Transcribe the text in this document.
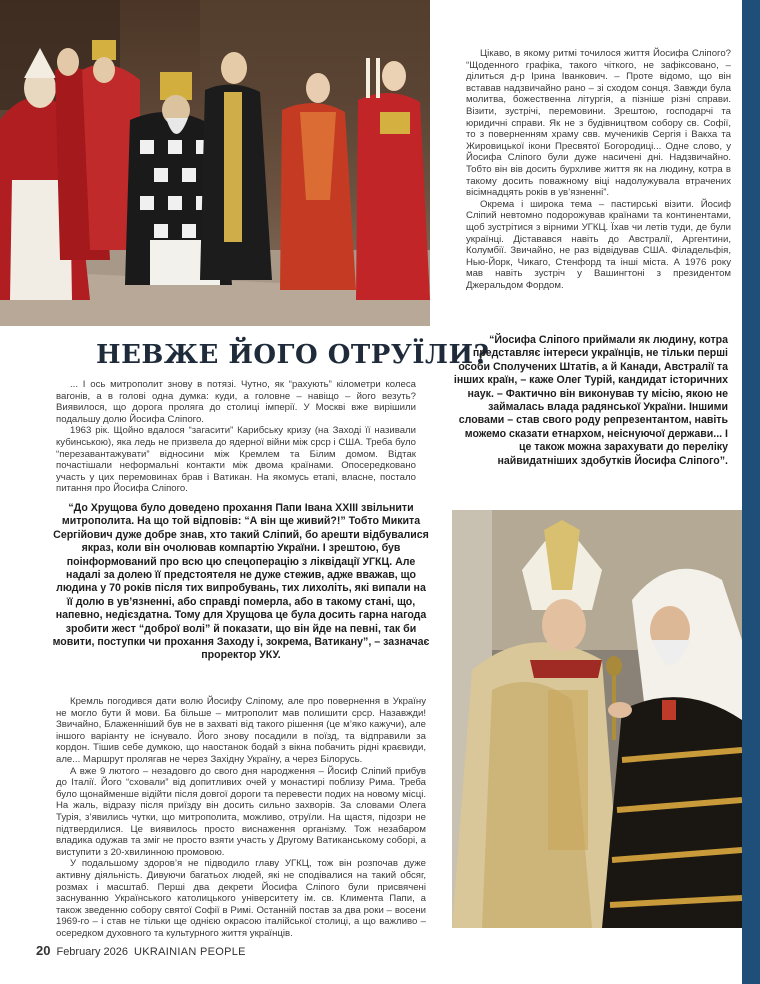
НЕВЖЕ ЙОГО ОТРУЇЛИ?

Цікаво, в якому ритмі точилося життя Йосифа Сліпого? “Щоденного графіка, такого чіткого, не зафіксовано, – ділиться д-р Ірина Іванкович. – Проте відомо, що він вставав надзвичайно рано – зі сходом сонця. Завжди була молитва, божественна літургія, а пізніше різні справи. Візити, зустрічі, перемовини. Зрештою, господарчі та юридичні справи. Як не з будівництвом собору св. Софії, то з поверненням храму свв. мучеників Сергія і Вакха та Жировицької ікони Пресвятої Богородиці... Одне слово, у Йосифа Сліпого були дуже насичені дні. Надзвичайно. Тобто він вів досить бурхливе життя як на людину, котра в такому досить поважному віці надолужувала втрачених вісімнадцять років в ув’язненні”.

Окрема і широка тема – пастирські візити. Йосиф Сліпий невтомно подорожував країнами та континентами, щоб зустрітися з вірними УГКЦ. Їхав чи летів туди, де були українці. Діставався навіть до Австралії, Аргентини, Колумбії. Звичайно, не раз відвідував США. Філадельфія, Нью-Йорк, Чикаго, Стенфорд та інші міста. А 1976 року мав навіть зустріч у Вашингтоні з президентом Джеральдом Фордом.

“Йосифа Сліпого приймали як людину, котра представляє інтереси українців, не тільки перші особи Сполучених Штатів, а й Канади, Австралії та інших країн, – каже Олег Турій, кандидат історичних наук. – Фактично він виконував ту місію, якою не займалась влада радянської України. Іншими словами – став свого роду репрезентантом, навіть можемо сказати етнархом, неіснуючої держави... І це також можна зарахувати до переліку найвидатніших здобутків Йосифа Сліпого”.

... І ось митрополит знову в потязі. Чутно, як “рахують” кілометри колеса вагонів, а в голові одна думка: куди, а головне – навіщо – його везуть? Виявилося, що дорога проляга до столиці імперії. У Москві вже вирішили подальшу долю Йосифа Сліпого.

1963 рік. Щойно вдалося “загасити” Карибську кризу (на Заході її називали кубинською), яка ледь не призвела до ядерної війни між срср і США. Треба було “перезавантажувати” відносини між Кремлем та Білим домом. Відтак почастішали неформальні контакти між двома країнами. Опосередковано участь у цих перемовинах брав і Ватикан. На якомусь етапі, власне, постало питання про Йосифа Сліпого.

“До Хрущова було доведено прохання Папи Івана XXIII звільнити митрополита. На що той відповів: “А він ще живий?!” Тобто Микита Сергійович дуже добре знав, хто такий Сліпий, бо арешти відбувалися якраз, коли він очолював компартію України. І зрештою, був поінформований про всю цю спецоперацію з ліквідації УГКЦ. Але надалі за долею її предстоятеля не дуже стежив, адже вважав, що людина у 70 років після тих випробувань, тих лихоліть, які випали на її долю в ув’язненні, або справді померла, або в такому стані, що, напевно, недієздатна. Тому для Хрущова це була досить гарна нагода зробити жест “доброї волі” й показати, що він йде на певні, так би мовити, поступки чи прохання Заходу і, зокрема, Ватикану”, – зазначає проректор УКУ.

Кремль погодився дати волю Йосифу Сліпому, але про повернення в Україну не могло бути й мови. Ба більше – митрополит мав полишити срср. Назавжди! Звичайно, Блаженніший був не в захваті від такого рішення (це м’яко кажучи), але іншого варіанту не існувало. Його знову посадили в поїзд, та відправили за кордон. Тішив себе думкою, що наостанок бодай з вікна побачить рідні краєвиди, але... Маршрут пролягав не через Західну Україну, а через Білорусь.

А вже 9 лютого – незадовго до свого дня народження – Йосиф Сліпий прибув до Італії. Його “сховали” від допитливих очей у монастирі поблизу Рима. Треба було щонайменше відійти після довгої дороги та перевести подих на новому місці. На жаль, відразу після приїзду він досить сильно захворів. За словами Олега Турія, з’явились чутки, що митрополита, можливо, отруїли. На щастя, підозри не підтвердилися. Це виявилось просто виснаження організму. Тож незабаром владика одужав та зміг не просто взяти участь у Другому Ватиканському соборі, а виступити з 20-хвилинною промовою.

У подальшому здоров’я не підводило главу УГКЦ, тож він розпочав дуже активну діяльність. Дивуючи багатьох людей, які не сподівалися на такий обсяг, розмах і масштаб. Перші два декрети Йосифа Сліпого були присвячені заснуванню Українського католицького університету ім. св. Климента Папи, а також зведенню собору святої Софії в Римі. Останній постав за два роки – восени 1969-го – і став не тільки ще однією окрасою італійської столиці, а що важливо – осередком духовного та культурного життя українців.

20 February 2026 UKRAINIAN PEOPLE
